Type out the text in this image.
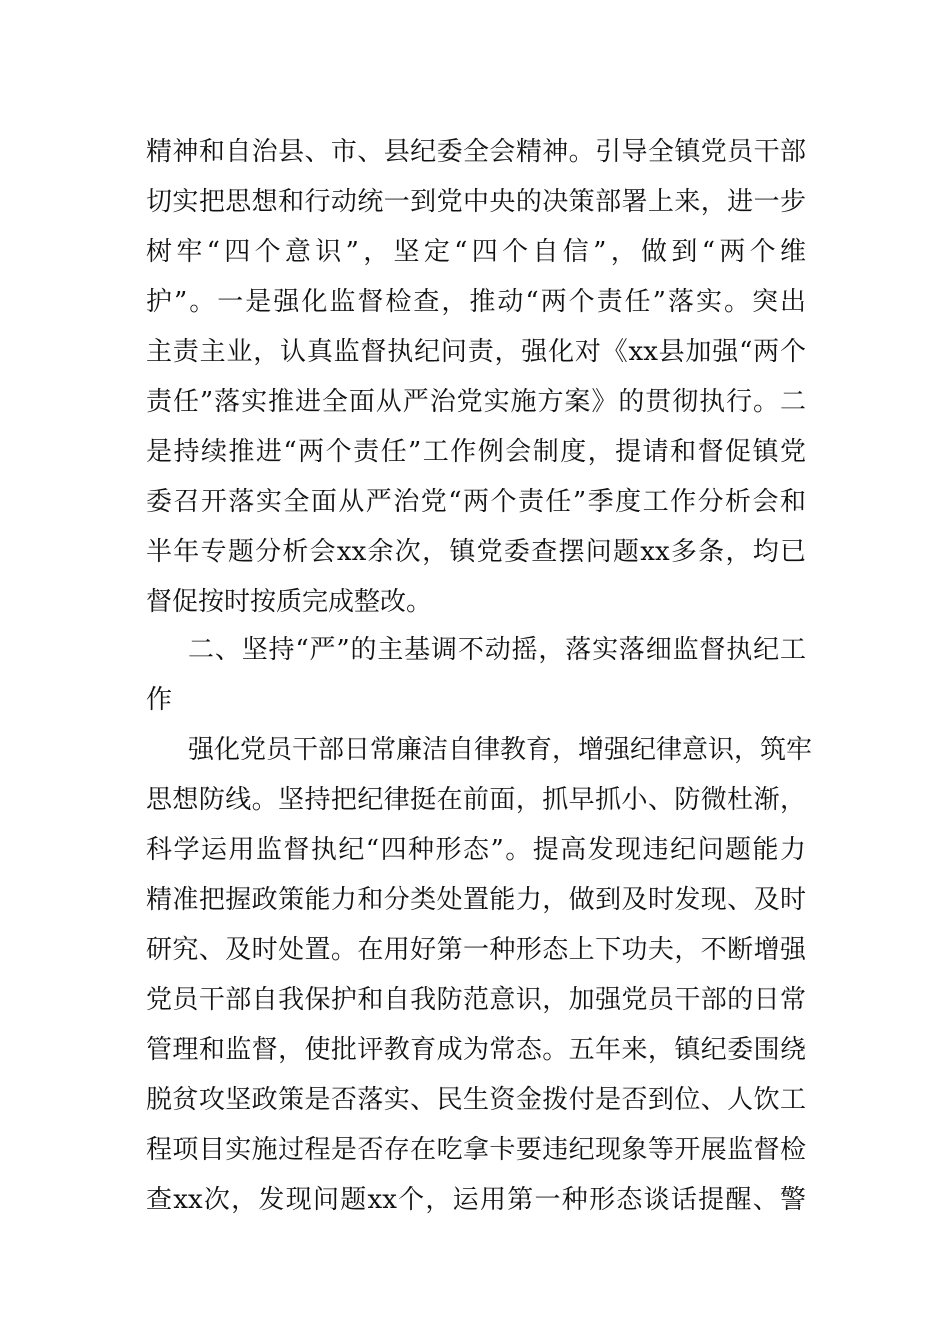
精神和自治县、市、县纪委全会精神。引导全镇党员干部
切实把思想和行动统一到党中央的决策部署上来，进一步
树牢“四个意识”，坚定“四个自信”，做到“两个维
护”。一是强化监督检查，推动“两个责任”落实。突出
主责主业，认真监督执纪问责，强化对《xx县加强“两个
责任”落实推进全面从严治党实施方案》的贯彻执行。二
是持续推进“两个责任”工作例会制度，提请和督促镇党
委召开落实全面从严治党“两个责任”季度工作分析会和
半年专题分析会xx余次，镇党委查摆问题xx多条，均已
督促按时按质完成整改。
二、坚持“严”的主基调不动摇，落实落细监督执纪工
作
强化党员干部日常廉洁自律教育，增强纪律意识，筑牢
思想防线。坚持把纪律挺在前面，抓早抓小、防微杜渐，
科学运用监督执纪“四种形态”。提高发现违纪问题能力
精准把握政策能力和分类处置能力，做到及时发现、及时
研究、及时处置。在用好第一种形态上下功夫，不断增强
党员干部自我保护和自我防范意识，加强党员干部的日常
管理和监督，使批评教育成为常态。五年来，镇纪委围绕
脱贫攻坚政策是否落实、民生资金拨付是否到位、人饮工
程项目实施过程是否存在吃拿卡要违纪现象等开展监督检
查xx次，发现问题xx个，运用第一种形态谈话提醒、警
